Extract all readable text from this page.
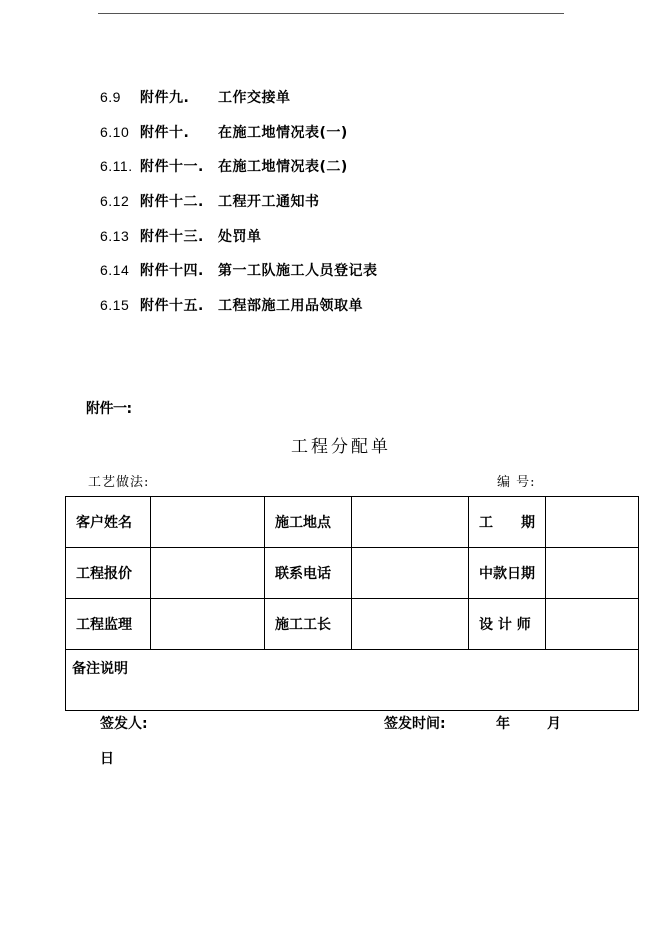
6.9 附件九. 工作交接单
6.10 附件十. 在施工地情况表(一)
6.11. 附件十一. 在施工地情况表(二)
6.12 附件十二. 工程开工通知书
6.13 附件十三. 处罚单
6.14 附件十四. 第一工队施工人员登记表
6.15 附件十五. 工程部施工用品领取单
附件一:
工程分配单
工艺做法:	编 号:
客户姓名		施工地点		工　　期	
工程报价		联系电话		中款日期	
工程监理		施工工长		设 计 师	
备注说明					
签发人:	签发时间:	年	月
日
